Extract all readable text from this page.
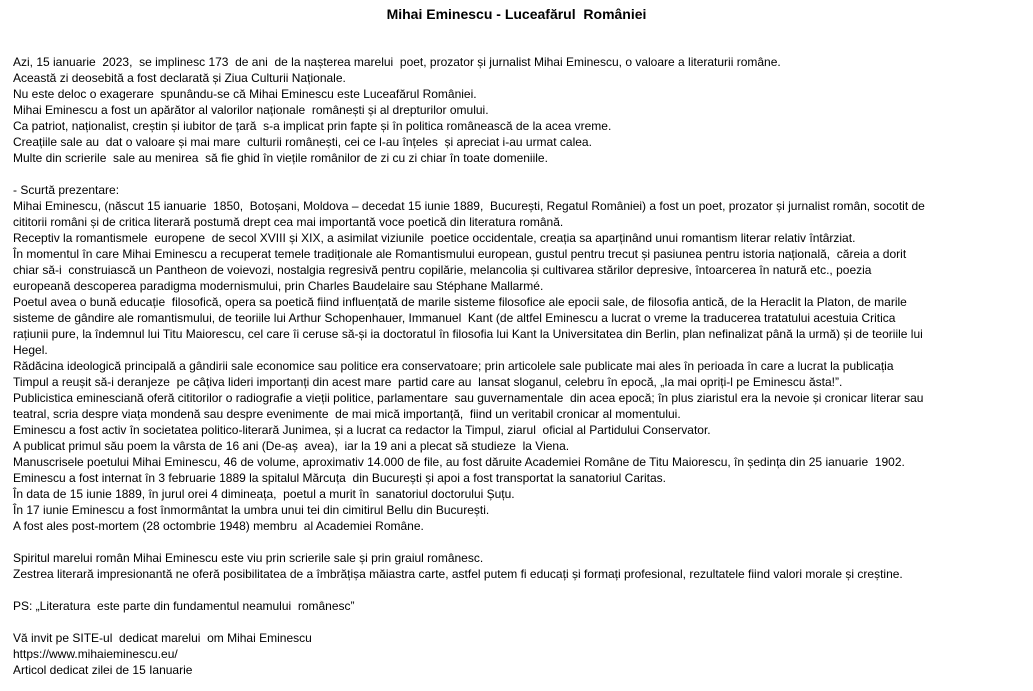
Mihai Eminescu - Luceafărul  României
Azi, 15 ianuarie  2023,  se implinesc 173  de ani  de la nașterea marelui  poet, prozator și jurnalist Mihai Eminescu, o valoare a literaturii române.
Această zi deosebită a fost declarată și Ziua Culturii Naționale.
Nu este deloc o exagerare  spunându-se că Mihai Eminescu este Luceafărul României.
Mihai Eminescu a fost un apărător al valorilor naționale  românești și al drepturilor omului.
Ca patriot, naționalist, creștin și iubitor de țară  s-a implicat prin fapte și în politica românească de la acea vreme.
Creațiile sale au  dat o valoare și mai mare  culturii românești, cei ce l-au înțeles  și apreciat i-au urmat calea.
Multe din scrierile  sale au menirea  să fie ghid în viețile românilor de zi cu zi chiar în toate domeniile.
- Scurtă prezentare:
Mihai Eminescu, (născut 15 ianuarie  1850,  Botoșani, Moldova – decedat 15 iunie 1889,  București, Regatul României) a fost un poet, prozator și jurnalist român, socotit de
cititorii români și de critica literară postumă drept cea mai importantă voce poetică din literatura română.
Receptiv la romantismele  europene  de secol XVIII și XIX, a asimilat viziunile  poetice occidentale, creația sa aparținând unui romantism literar relativ întârziat.
În momentul în care Mihai Eminescu a recuperat temele tradiționale ale Romantismului european, gustul pentru trecut și pasiunea pentru istoria națională,  căreia a dorit
chiar să-i  construiască un Pantheon de voievozi, nostalgia regresivă pentru copilărie, melancolia și cultivarea stărilor depresive, întoarcerea în natură etc., poezia
europeană descoperea paradigma modernismului, prin Charles Baudelaire sau Stéphane Mallarmé.
Poetul avea o bună educație  filosofică, opera sa poetică fiind influențată de marile sisteme filosofice ale epocii sale, de filosofia antică, de la Heraclit la Platon, de marile
sisteme de gândire ale romantismului, de teoriile lui Arthur Schopenhauer, Immanuel  Kant (de altfel Eminescu a lucrat o vreme la traducerea tratatului acestuia Critica
rațiunii pure, la îndemnul lui Titu Maiorescu, cel care îi ceruse să-și ia doctoratul în filosofia lui Kant la Universitatea din Berlin, plan nefinalizat până la urmă) și de teoriile lui
Hegel.
Rădăcina ideologică principală a gândirii sale economice sau politice era conservatoare; prin articolele sale publicate mai ales în perioada în care a lucrat la publicația
Timpul a reușit să-i deranjeze  pe câțiva lideri importanți din acest mare  partid care au  lansat sloganul, celebru în epocă, „Ia mai opriți-l pe Eminescu ăsta!”.
Publicistica eminesciană oferă cititorilor o radiografie a vieții politice, parlamentare  sau guvernamentale  din acea epocă; în plus ziaristul era la nevoie și cronicar literar sau
teatral, scria despre viața mondenă sau despre evenimente  de mai mică importanță,  fiind un veritabil cronicar al momentului.
Eminescu a fost activ în societatea politico-literară Junimea, și a lucrat ca redactor la Timpul, ziarul  oficial al Partidului Conservator.
A publicat primul său poem la vârsta de 16 ani (De-aș  avea),  iar la 19 ani a plecat să studieze  la Viena.
Manuscrisele poetului Mihai Eminescu, 46 de volume, aproximativ 14.000 de file, au fost dăruite Academiei Române de Titu Maiorescu, în ședința din 25 ianuarie  1902.
Eminescu a fost internat în 3 februarie 1889 la spitalul Mărcuța  din București și apoi a fost transportat la sanatoriul Caritas.
În data de 15 iunie 1889, în jurul orei 4 dimineața,  poetul a murit în  sanatoriul doctorului Șuțu.
În 17 iunie Eminescu a fost înmormântat la umbra unui tei din cimitirul Bellu din București.
A fost ales post-mortem (28 octombrie 1948) membru  al Academiei Române.
Spiritul marelui român Mihai Eminescu este viu prin scrierile sale și prin graiul românesc.
Zestrea literară impresionantă ne oferă posibilitatea de a îmbrățișa măiastra carte, astfel putem fi educați și formați profesional, rezultatele fiind valori morale și creștine.
PS: „Literatura  este parte din fundamentul neamului  românesc”
Vă invit pe SITE-ul  dedicat marelui  om Mihai Eminescu
https://www.mihaieminescu.eu/
Articol dedicat zilei de 15 Ianuarie
